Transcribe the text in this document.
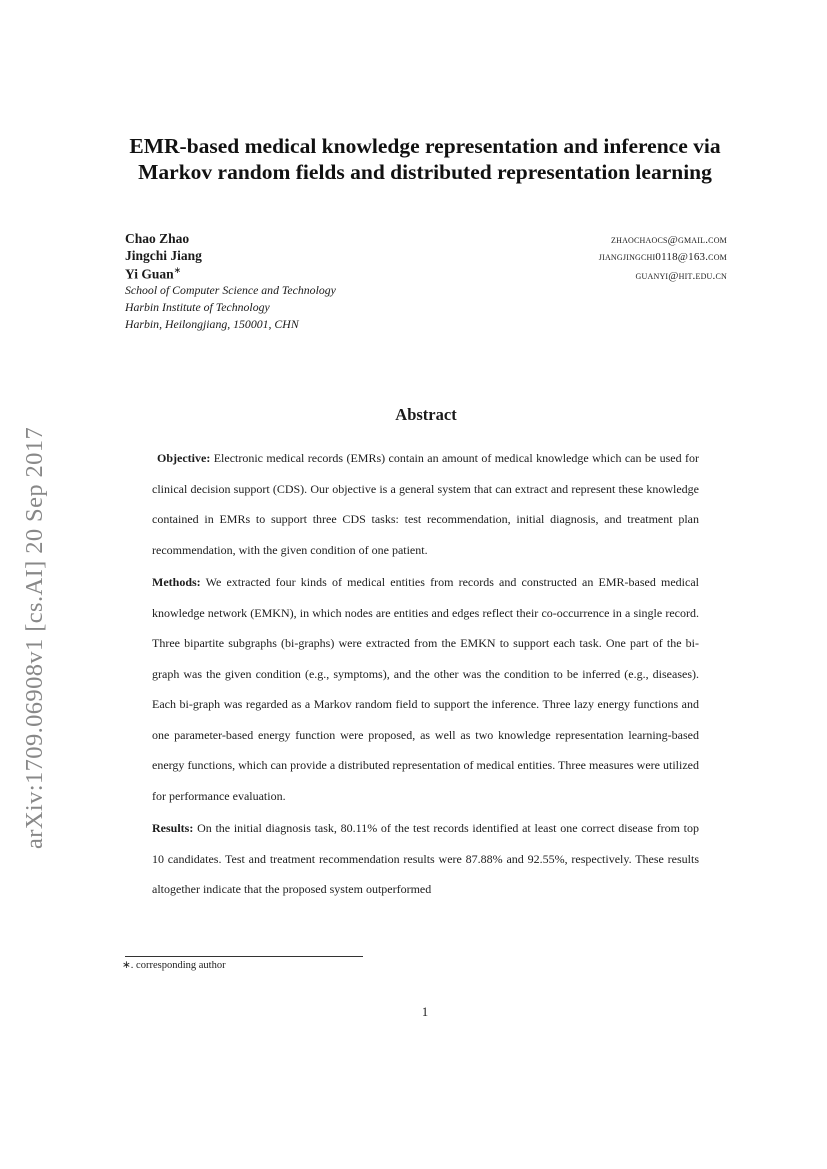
arXiv:1709.06908v1 [cs.AI] 20 Sep 2017
EMR-based medical knowledge representation and inference via Markov random fields and distributed representation learning
Chao Zhao	zhaochaocs@gmail.com
Jingchi Jiang	jiangjingchi0118@163.com
Yi Guan∗	guanyi@hit.edu.cn
School of Computer Science and Technology
Harbin Institute of Technology
Harbin, Heilongjiang, 150001, CHN
Abstract

Objective: Electronic medical records (EMRs) contain an amount of medical knowledge which can be used for clinical decision support (CDS). Our objective is a general system that can extract and represent these knowledge contained in EMRs to support three CDS tasks: test recommendation, initial diagnosis, and treatment plan recommendation, with the given condition of one patient.

Methods: We extracted four kinds of medical entities from records and constructed an EMR-based medical knowledge network (EMKN), in which nodes are entities and edges reflect their co-occurrence in a single record. Three bipartite subgraphs (bi-graphs) were extracted from the EMKN to support each task. One part of the bi-graph was the given condition (e.g., symptoms), and the other was the condition to be inferred (e.g., diseases). Each bi-graph was regarded as a Markov random field to support the inference. Three lazy energy functions and one parameter-based energy function were proposed, as well as two knowledge representation learning-based energy functions, which can provide a distributed representation of medical entities. Three measures were utilized for performance evaluation.

Results: On the initial diagnosis task, 80.11% of the test records identified at least one correct disease from top 10 candidates. Test and treatment recommendation results were 87.88% and 92.55%, respectively. These results altogether indicate that the proposed system outperformed

∗. corresponding author
1
